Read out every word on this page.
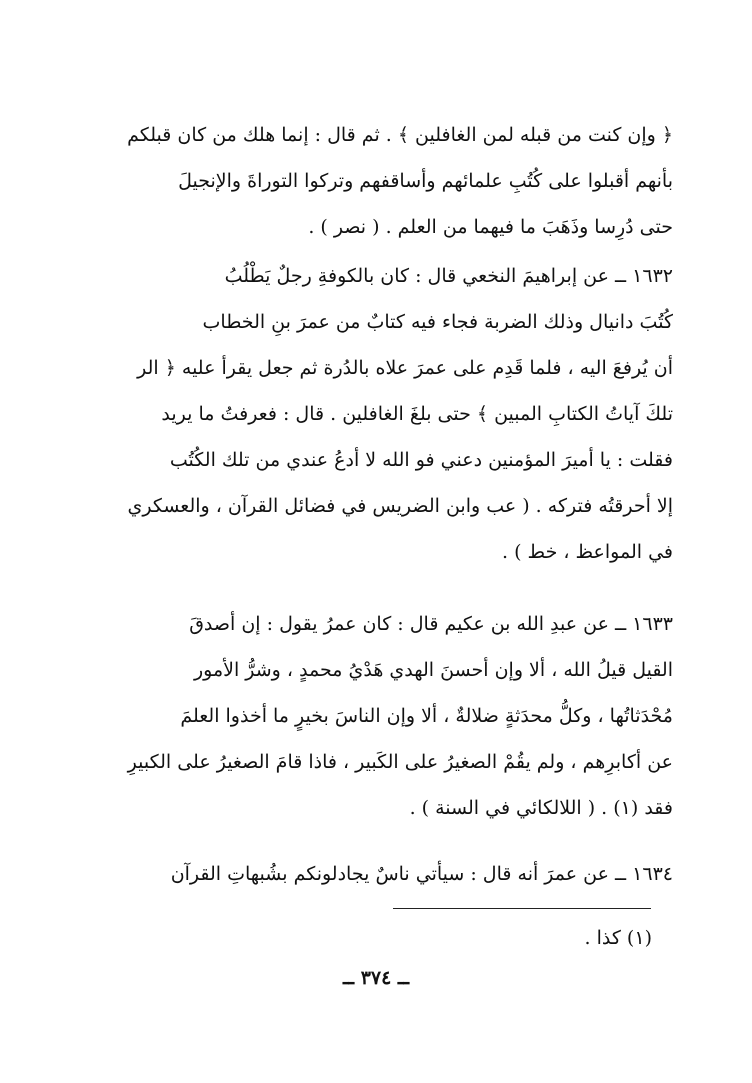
﴿ وإن كنت من قبله لمن الغافلين ﴾ . ثم قال : إنما هلك من كان قبلكم
بأنهم أقبلوا على كُتُبِ علمائهم وأساقفهم وتركوا التوراةَ والإنجيلَ
حتى دُرِسا وذَهَبَ ما فيهما من العلم . ( نصر ) .
١٦٣٢ ــ عن إبراهيمَ النخعي قال : كان بالكوفةِ رجلٌ يَطْلُبُ
كُتُبَ دانيال وذلك الضربة فجاء فيه كتابٌ من عمرَ بنِ الخطاب
أن يُرفعَ اليه ، فلما قَدِم على عمرَ علاه بالدُرة ثم جعل يقرأ عليه ﴿ الر
تلكَ آياتُ الكتابِ المبين ﴾ حتى بلغَ الغافلين . قال : فعرفتُ ما يريد
فقلت : يا أميرَ المؤمنين دعني فو الله لا أدعُ عندي من تلك الكُتُب
إلا أحرقتُه فتركه . ( عب وابن الضريس في فضائل القرآن ، والعسكري
في المواعظ ، خط ) .
١٦٣٣ ــ عن عبدِ الله بن عكيم قال : كان عمرُ يقول : إن أصدقَ
القيل قيلُ الله ، ألا وإن أحسنَ الهدي هَدْيُ محمدٍ ، وشرُّ الأمور
مُحْدَثاتُها ، وكلُّ محدَثةٍ ضلالةٌ ، ألا وإن الناسَ بخيرٍ ما أخذوا العلمَ
عن أكابرِهم ، ولم يقُمْ الصغيرُ على الكَبير ، فاذا قامَ الصغيرُ على الكبيرِ
فقد (١) . ( اللالكائي في السنة ) .
١٦٣٤ ــ عن عمرَ أنه قال : سيأتي ناسٌ يجادلونكم بشُبهاتِ القرآن
(١) كذا .
ــ ٣٧٤ ــ
